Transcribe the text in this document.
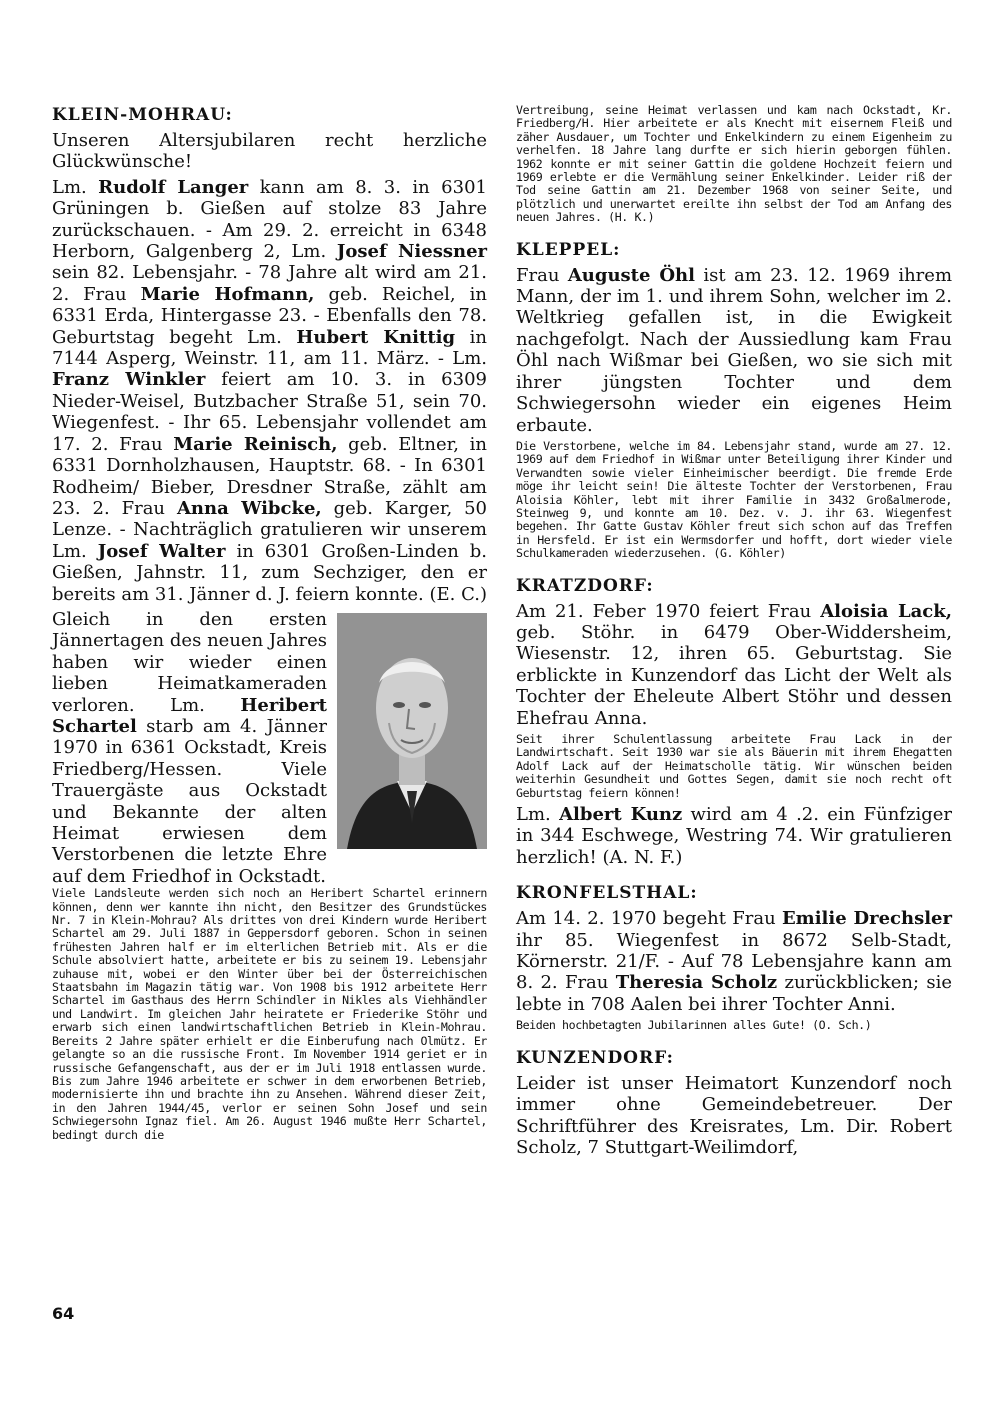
KLEIN-MOHRAU:

Unseren Altersjubilaren recht herzliche Glückwünsche!

Lm. Rudolf Langer kann am 8. 3. in 6301 Grüningen b. Gießen auf stolze 83 Jahre zurückschauen. - Am 29. 2. erreicht in 6348 Herborn, Galgenberg 2, Lm. Josef Niessner sein 82. Lebensjahr. - 78 Jahre alt wird am 21. 2. Frau Marie Hofmann, geb. Reichel, in 6331 Erda, Hintergasse 23. - Ebenfalls den 78. Geburtstag begeht Lm. Hubert Knittig in 7144 Asperg, Weinstr. 11, am 11. März. - Lm. Franz Winkler feiert am 10. 3. in 6309 Nieder-Weisel, Butzbacher Straße 51, sein 70. Wiegenfest. - Ihr 65. Lebensjahr vollendet am 17. 2. Frau Marie Reinisch, geb. Eltner, in 6331 Dornholzhausen, Hauptstr. 68. - In 6301 Rodheim/ Bieber, Dresdner Straße, zählt am 23. 2. Frau Anna Wibcke, geb. Karger, 50 Lenze. - Nachträglich gratulieren wir unserem Lm. Josef Walter in 6301 Großen-Linden b. Gießen, Jahnstr. 11, zum Sechziger, den er bereits am 31. Jänner d. J. feiern konnte. (E. C.)

Gleich in den ersten Jännertagen des neuen Jahres haben wir wieder einen lieben Heimatkameraden verloren. Lm. Heribert Schartel starb am 4. Jänner 1970 in 6361 Ockstadt, Kreis Friedberg/Hessen. Viele Trauergäste aus Ockstadt und Bekannte der alten Heimat erwiesen dem Verstorbenen die letzte Ehre auf dem Friedhof in Ockstadt.

Viele Landsleute werden sich noch an Heribert Schartel erinnern können, denn wer kannte ihn nicht, den Besitzer des Grundstückes Nr. 7 in Klein-Mohrau? Als drittes von drei Kindern wurde Heribert Schartel am 29. Juli 1887 in Geppersdorf geboren. Schon in seinen frühesten Jahren half er im elterlichen Betrieb mit. Als er die Schule absolviert hatte, arbeitete er bis zu seinem 19. Lebensjahr zuhause mit, wobei er den Winter über bei der Österreichischen Staatsbahn im Magazin tätig war. Von 1908 bis 1912 arbeitete Herr Schartel im Gasthaus des Herrn Schindler in Nikles als Viehhändler und Landwirt. Im gleichen Jahr heiratete er Friederike Stöhr und erwarb sich einen landwirtschaftlichen Betrieb in Klein-Mohrau. Bereits 2 Jahre später erhielt er die Einberufung nach Olmütz. Er gelangte so an die russische Front. Im November 1914 geriet er in russische Gefangenschaft, aus der er im Juli 1918 entlassen wurde. Bis zum Jahre 1946 arbeitete er schwer in dem erworbenen Betrieb, modernisierte ihn und brachte ihn zu Ansehen. Während dieser Zeit, in den Jahren 1944/45, verlor er seinen Sohn Josef und sein Schwiegersohn Ignaz fiel. Am 26. August 1946 mußte Herr Schartel, bedingt durch die

Vertreibung, seine Heimat verlassen und kam nach Ockstadt, Kr. Friedberg/H. Hier arbeitete er als Knecht mit eisernem Fleiß und zäher Ausdauer, um Tochter und Enkelkindern zu einem Eigenheim zu verhelfen. 18 Jahre lang durfte er sich hierin geborgen fühlen. 1962 konnte er mit seiner Gattin die goldene Hochzeit feiern und 1969 erlebte er die Vermählung seiner Enkelkinder. Leider riß der Tod seine Gattin am 21. Dezember 1968 von seiner Seite, und plötzlich und unerwartet ereilte ihn selbst der Tod am Anfang des neuen Jahres. (H. K.)

KLEPPEL:

Frau Auguste Öhl ist am 23. 12. 1969 ihrem Mann, der im 1. und ihrem Sohn, welcher im 2. Weltkrieg gefallen ist, in die Ewigkeit nachgefolgt. Nach der Aussiedlung kam Frau Öhl nach Wißmar bei Gießen, wo sie sich mit ihrer jüngsten Tochter und dem Schwiegersohn wieder ein eigenes Heim erbaute.

Die Verstorbene, welche im 84. Lebensjahr stand, wurde am 27. 12. 1969 auf dem Friedhof in Wißmar unter Beteiligung ihrer Kinder und Verwandten sowie vieler Einheimischer beerdigt. Die fremde Erde möge ihr leicht sein! Die älteste Tochter der Verstorbenen, Frau Aloisia Köhler, lebt mit ihrer Familie in 3432 Großalmerode, Steinweg 9, und konnte am 10. Dez. v. J. ihr 63. Wiegenfest begehen. Ihr Gatte Gustav Köhler freut sich schon auf das Treffen in Hersfeld. Er ist ein Wermsdorfer und hofft, dort wieder viele Schulkameraden wiederzusehen. (G. Köhler)

KRATZDORF:

Am 21. Feber 1970 feiert Frau Aloisia Lack, geb. Stöhr. in 6479 Ober-Widdersheim, Wiesenstr. 12, ihren 65. Geburtstag. Sie erblickte in Kunzendorf das Licht der Welt als Tochter der Eheleute Albert Stöhr und dessen Ehefrau Anna.

Seit ihrer Schulentlassung arbeitete Frau Lack in der Landwirtschaft. Seit 1930 war sie als Bäuerin mit ihrem Ehegatten Adolf Lack auf der Heimatscholle tätig. Wir wünschen beiden weiterhin Gesundheit und Gottes Segen, damit sie noch recht oft Geburtstag feiern können!

Lm. Albert Kunz wird am 4 .2. ein Fünfziger in 344 Eschwege, Westring 74. Wir gratulieren herzlich! (A. N. F.)

KRONFELSTHAL:

Am 14. 2. 1970 begeht Frau Emilie Drechsler ihr 85. Wiegenfest in 8672 Selb-Stadt, Körnerstr. 21/F. - Auf 78 Lebensjahre kann am 8. 2. Frau Theresia Scholz zurückblicken; sie lebte in 708 Aalen bei ihrer Tochter Anni.

Beiden hochbetagten Jubilarinnen alles Gute! (O. Sch.)

KUNZENDORF:

Leider ist unser Heimatort Kunzendorf noch immer ohne Gemeindebetreuer. Der Schriftführer des Kreisrates, Lm. Dir. Robert Scholz, 7 Stuttgart-Weilimdorf,

64
